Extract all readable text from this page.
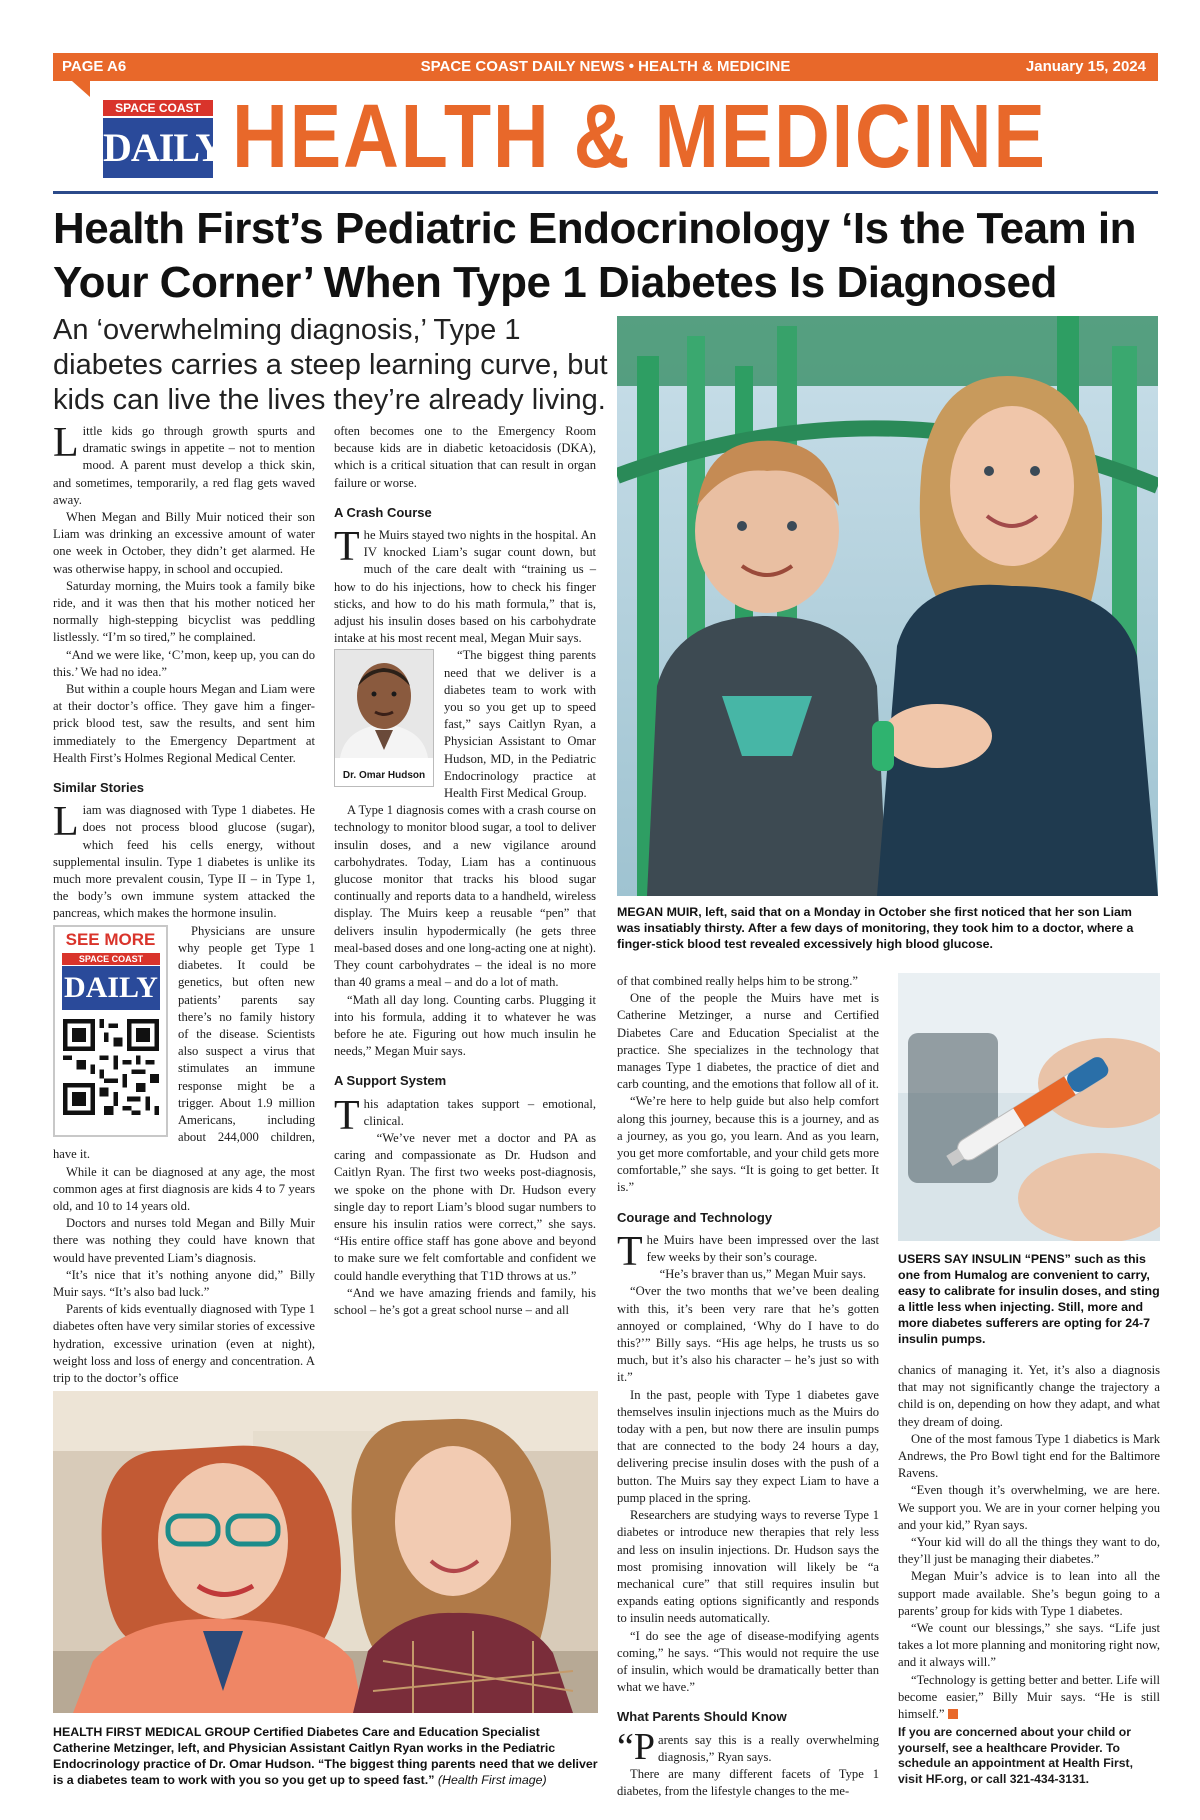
PAGE A6	SPACE COAST DAILY NEWS • HEALTH & MEDICINE	January 15, 2024
SPACE COAST
DAILY HEALTH & MEDICINE
Health First’s Pediatric Endocrinology ‘Is the Team in Your Corner’ When Type 1 Diabetes Is Diagnosed
An ‘overwhelming diagnosis,’ Type 1 diabetes carries a steep learning curve, but kids can live the lives they’re already living.
MEGAN MUIR, left, said that on a Monday in October she first noticed that her son Liam was insatiably thirsty. After a few days of monitoring, they took him to a doctor, where a finger-stick blood test revealed excessively high blood glucose.
USERS SAY INSULIN “PENS” such as this one from Humalog are convenient to carry, easy to calibrate for insulin doses, and sting a little less when injecting. Still, more and more diabetes sufferers are opting for 24-7 insulin pumps.
HEALTH FIRST MEDICAL GROUP Certified Diabetes Care and Education Specialist Catherine Metzinger, left, and Physician Assistant Caitlyn Ryan works in the Pediatric Endocrinology practice of Dr. Omar Hudson. “The biggest thing parents need that we deliver is a diabetes team to work with you so you get up to speed fast.” (Health First image)

Little kids go through growth spurts and dramatic swings in appetite – not to mention mood. A parent must develop a thick skin, and sometimes, temporarily, a red flag gets waved away.

When Megan and Billy Muir noticed their son Liam was drinking an excessive amount of water one week in October, they didn’t get alarmed. He was otherwise happy, in school and occupied.

Saturday morning, the Muirs took a family bike ride, and it was then that his mother noticed her normally high-stepping bicyclist was peddling listlessly. “I’m so tired,” he complained.

“And we were like, ‘C’mon, keep up, you can do this.’ We had no idea.”

But within a couple hours Megan and Liam were at their doctor’s office. They gave him a finger-prick blood test, saw the results, and sent him immediately to the Emergency Department at Health First’s Holmes Regional Medical Center.

Similar Stories

Liam was diagnosed with Type 1 diabetes. He does not process blood glucose (sugar), which feed his cells energy, without supplemental insulin. Type 1 diabetes is unlike its much more prevalent cousin, Type II – in Type 1, the body’s own immune system attacked the pancreas, which makes the hormone insulin.

SEE MORE
SPACE COAST
DAILY

Physicians are unsure why people get Type 1 diabetes. It could be genetics, but often new patients’ parents say there’s no family history of the disease. Scientists also suspect a virus that stimulates an immune response might be a trigger. About 1.9 million Americans, including about 244,000 children, have it.

While it can be diagnosed at any age, the most common ages at first diagnosis are kids 4 to 7 years old, and 10 to 14 years old.

Doctors and nurses told Megan and Billy Muir there was nothing they could have known that would have prevented Liam’s diagnosis.

“It’s nice that it’s nothing anyone did,” Billy Muir says. “It’s also bad luck.”

Parents of kids eventually diagnosed with Type 1 diabetes often have very similar stories of excessive hydration, excessive urination (even at night), weight loss and loss of energy and concentration. A trip to the doctor’s office

often becomes one to the Emergency Room because kids are in diabetic ketoacidosis (DKA), which is a critical situation that can result in organ failure or worse.

A Crash Course

The Muirs stayed two nights in the hospital. An IV knocked Liam’s sugar count down, but much of the care dealt with “training us – how to do his injections, how to check his finger sticks, and how to do his math formula,” that is, adjust his insulin doses based on his carbohydrate intake at his most recent meal, Megan Muir says.

Dr. Omar Hudson

“The biggest thing parents need that we deliver is a diabetes team to work with you so you get up to speed fast,” says Caitlyn Ryan, a Physician Assistant to Omar Hudson, MD, in the Pediatric Endocrinology practice at Health First Medical Group.

A Type 1 diagnosis comes with a crash course on technology to monitor blood sugar, a tool to deliver insulin doses, and a new vigilance around carbohydrates. Today, Liam has a continuous glucose monitor that tracks his blood sugar continually and reports data to a handheld, wireless display. The Muirs keep a reusable “pen” that delivers insulin hypodermically (he gets three meal-based doses and one long-acting one at night). They count carbohydrates – the ideal is no more than 40 grams a meal – and do a lot of math.

“Math all day long. Counting carbs. Plugging it into his formula, adding it to whatever he was before he ate. Figuring out how much insulin he needs,” Megan Muir says.

A Support System

This adaptation takes support – emotional, clinical.

“We’ve never met a doctor and PA as caring and compassionate as Dr. Hudson and Caitlyn Ryan. The first two weeks post-diagnosis, we spoke on the phone with Dr. Hudson every single day to report Liam’s blood sugar numbers to ensure his insulin ratios were correct,” she says. “His entire office staff has gone above and beyond to make sure we felt comfortable and confident we could handle everything that T1D throws at us.”

“And we have amazing friends and family, his school – he’s got a great school nurse – and all

of that combined really helps him to be strong.”

One of the people the Muirs have met is Catherine Metzinger, a nurse and Certified Diabetes Care and Education Specialist at the practice. She specializes in the technology that manages Type 1 diabetes, the practice of diet and carb counting, and the emotions that follow all of it.

“We’re here to help guide but also help comfort along this journey, because this is a journey, and as a journey, as you go, you learn. And as you learn, you get more comfortable, and your child gets more comfortable,” she says. “It is going to get better. It is.”

Courage and Technology

The Muirs have been impressed over the last few weeks by their son’s courage.

“He’s braver than us,” Megan Muir says.

“Over the two months that we’ve been dealing with this, it’s been very rare that he’s gotten annoyed or complained, ‘Why do I have to do this?’” Billy says. “His age helps, he trusts us so much, but it’s also his character – he’s just so with it.”

In the past, people with Type 1 diabetes gave themselves insulin injections much as the Muirs do today with a pen, but now there are insulin pumps that are connected to the body 24 hours a day, delivering precise insulin doses with the push of a button. The Muirs say they expect Liam to have a pump placed in the spring.

Researchers are studying ways to reverse Type 1 diabetes or introduce new therapies that rely less and less on insulin injections. Dr. Hudson says the most promising innovation will likely be “a mechanical cure” that still requires insulin but expands eating options significantly and responds to insulin needs automatically.

“I do see the age of disease-modifying agents coming,” he says. “This would not require the use of insulin, which would be dramatically better than what we have.”

What Parents Should Know

“Parents say this is a really overwhelming diagnosis,” Ryan says.

There are many different facets of Type 1 diabetes, from the lifestyle changes to the me-

chanics of managing it. Yet, it’s also a diagnosis that may not significantly change the trajectory a child is on, depending on how they adapt, and what they dream of doing.

One of the most famous Type 1 diabetics is Mark Andrews, the Pro Bowl tight end for the Baltimore Ravens.

“Even though it’s overwhelming, we are here. We support you. We are in your corner helping you and your kid,” Ryan says.

“Your kid will do all the things they want to do, they’ll just be managing their diabetes.”

Megan Muir’s advice is to lean into all the support made available. She’s begun going to a parents’ group for kids with Type 1 diabetes.

“We count our blessings,” she says. “Life just takes a lot more planning and monitoring right now, and it always will.”

“Technology is getting better and better. Life will become easier,” Billy Muir says. “He is still himself.”

If you are concerned about your child or yourself, see a healthcare Provider. To schedule an appointment at Health First, visit HF.org, or call 321-434-3131.
